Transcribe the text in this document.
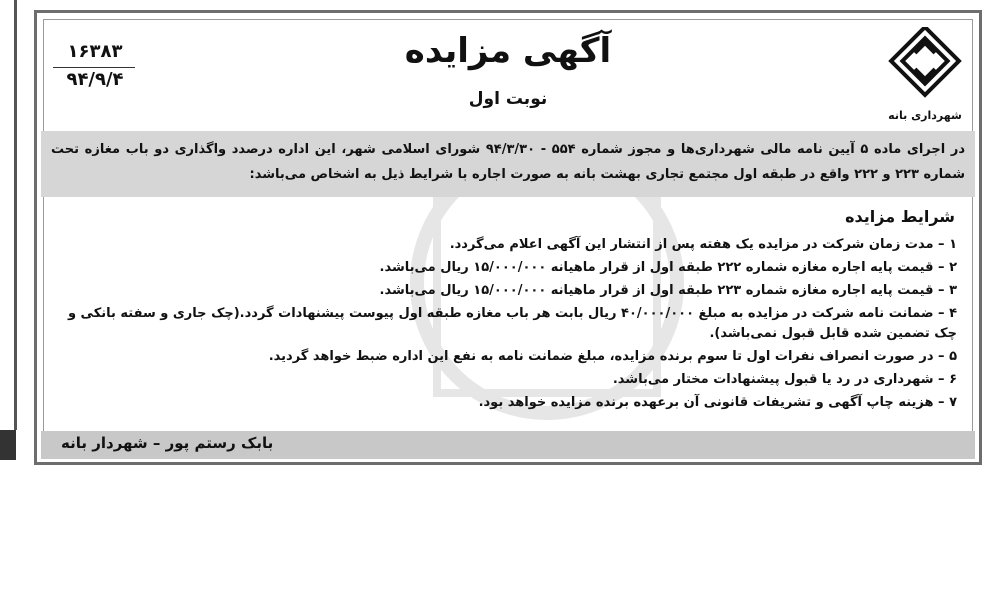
شهرداری بانه
آگهی مزایده
نوبت اول
۱۶۳۸۳
۹۴/۹/۴
در اجرای ماده ۵ آیین نامه مالی شهرداری‌ها و مجوز شماره ۵۵۴ - ۹۴/۳/۳۰ شورای اسلامی شهر، این اداره درصدد واگذاری دو باب مغازه تحت شماره ۲۲۳ و ۲۲۲ واقع در طبقه اول مجتمع تجاری بهشت بانه به صورت اجاره با شرایط ذیل به اشخاص می‌باشد:
شرایط مزایده
۱ – مدت زمان شرکت در مزایده یک هفته پس از انتشار این آگهی اعلام می‌گردد.
۲ – قیمت پایه اجاره مغازه شماره ۲۲۲ طبقه اول از قرار ماهیانه ۱۵/۰۰۰/۰۰۰ ریال می‌باشد.
۳ – قیمت پایه اجاره مغازه شماره ۲۲۳ طبقه اول از قرار ماهیانه ۱۵/۰۰۰/۰۰۰ ریال می‌باشد.
۴ – ضمانت نامه شرکت در مزایده به مبلغ ۴۰/۰۰۰/۰۰۰ ریال بابت هر باب مغازه طبقه اول پیوست پیشنهادات گردد.(چک جاری و سفته بانکی و چک تضمین شده قابل قبول نمی‌باشد).
۵ – در صورت انصراف نفرات اول تا سوم برنده مزایده، مبلغ ضمانت نامه به نفع این اداره ضبط خواهد گردید.
۶ – شهرداری در رد یا قبول پیشنهادات مختار می‌باشد.
۷ – هزینه چاپ آگهی و تشریفات قانونی آن برعهده برنده مزایده خواهد بود.
بابک رستم پور – شهردار بانه
